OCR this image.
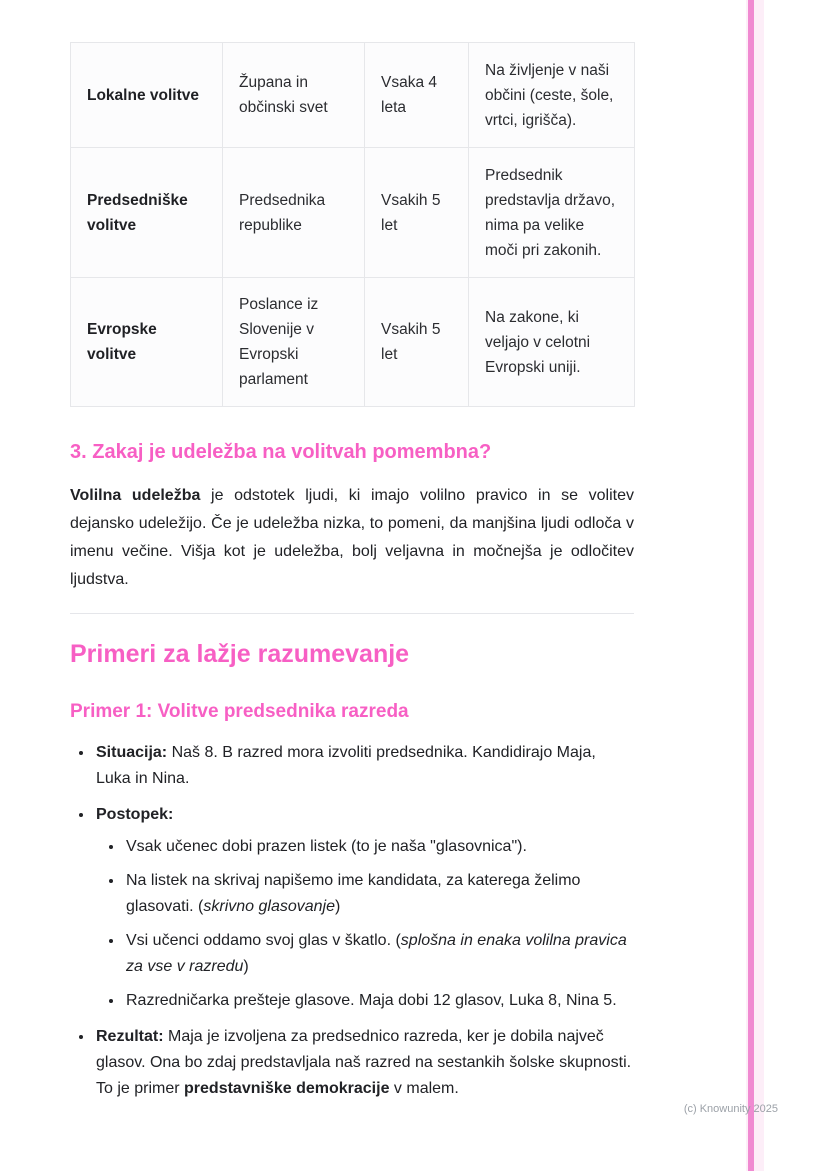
Lokalne volitve	Župana in občinski svet	Vsaka 4 leta	Na življenje v naši občini (ceste, šole, vrtci, igrišča).
Predsedniške volitve	Predsednika republike	Vsakih 5 let	Predsednik predstavlja državo, nima pa velike moči pri zakonih.
Evropske volitve	Poslance iz Slovenije v Evropski parlament	Vsakih 5 let	Na zakone, ki veljajo v celotni Evropski uniji.
3. Zakaj je udeležba na volitvah pomembna?

Volilna udeležba je odstotek ljudi, ki imajo volilno pravico in se volitev dejansko udeležijo. Če je udeležba nizka, to pomeni, da manjšina ljudi odloča v imenu večine. Višja kot je udeležba, bolj veljavna in močnejša je odločitev ljudstva.

Primeri za lažje razumevanje
Primer 1: Volitve predsednika razreda
• Situacija: Naš 8. B razred mora izvoliti predsednika. Kandidirajo Maja, Luka in Nina.
• Postopek:
• Vsak učenec dobi prazen listek (to je naša "glasovnica").
• Na listek na skrivaj napišemo ime kandidata, za katerega želimo glasovati. (skrivno glasovanje)
• Vsi učenci oddamo svoj glas v škatlo. (splošna in enaka volilna pravica za vse v razredu)
• Razredničarka prešteje glasove. Maja dobi 12 glasov, Luka 8, Nina 5.
• Rezultat: Maja je izvoljena za predsednico razreda, ker je dobila največ glasov. Ona bo zdaj predstavljala naš razred na sestankih šolske skupnosti. To je primer predstavniške demokracije v malem.
(c) Knowunity 2025
